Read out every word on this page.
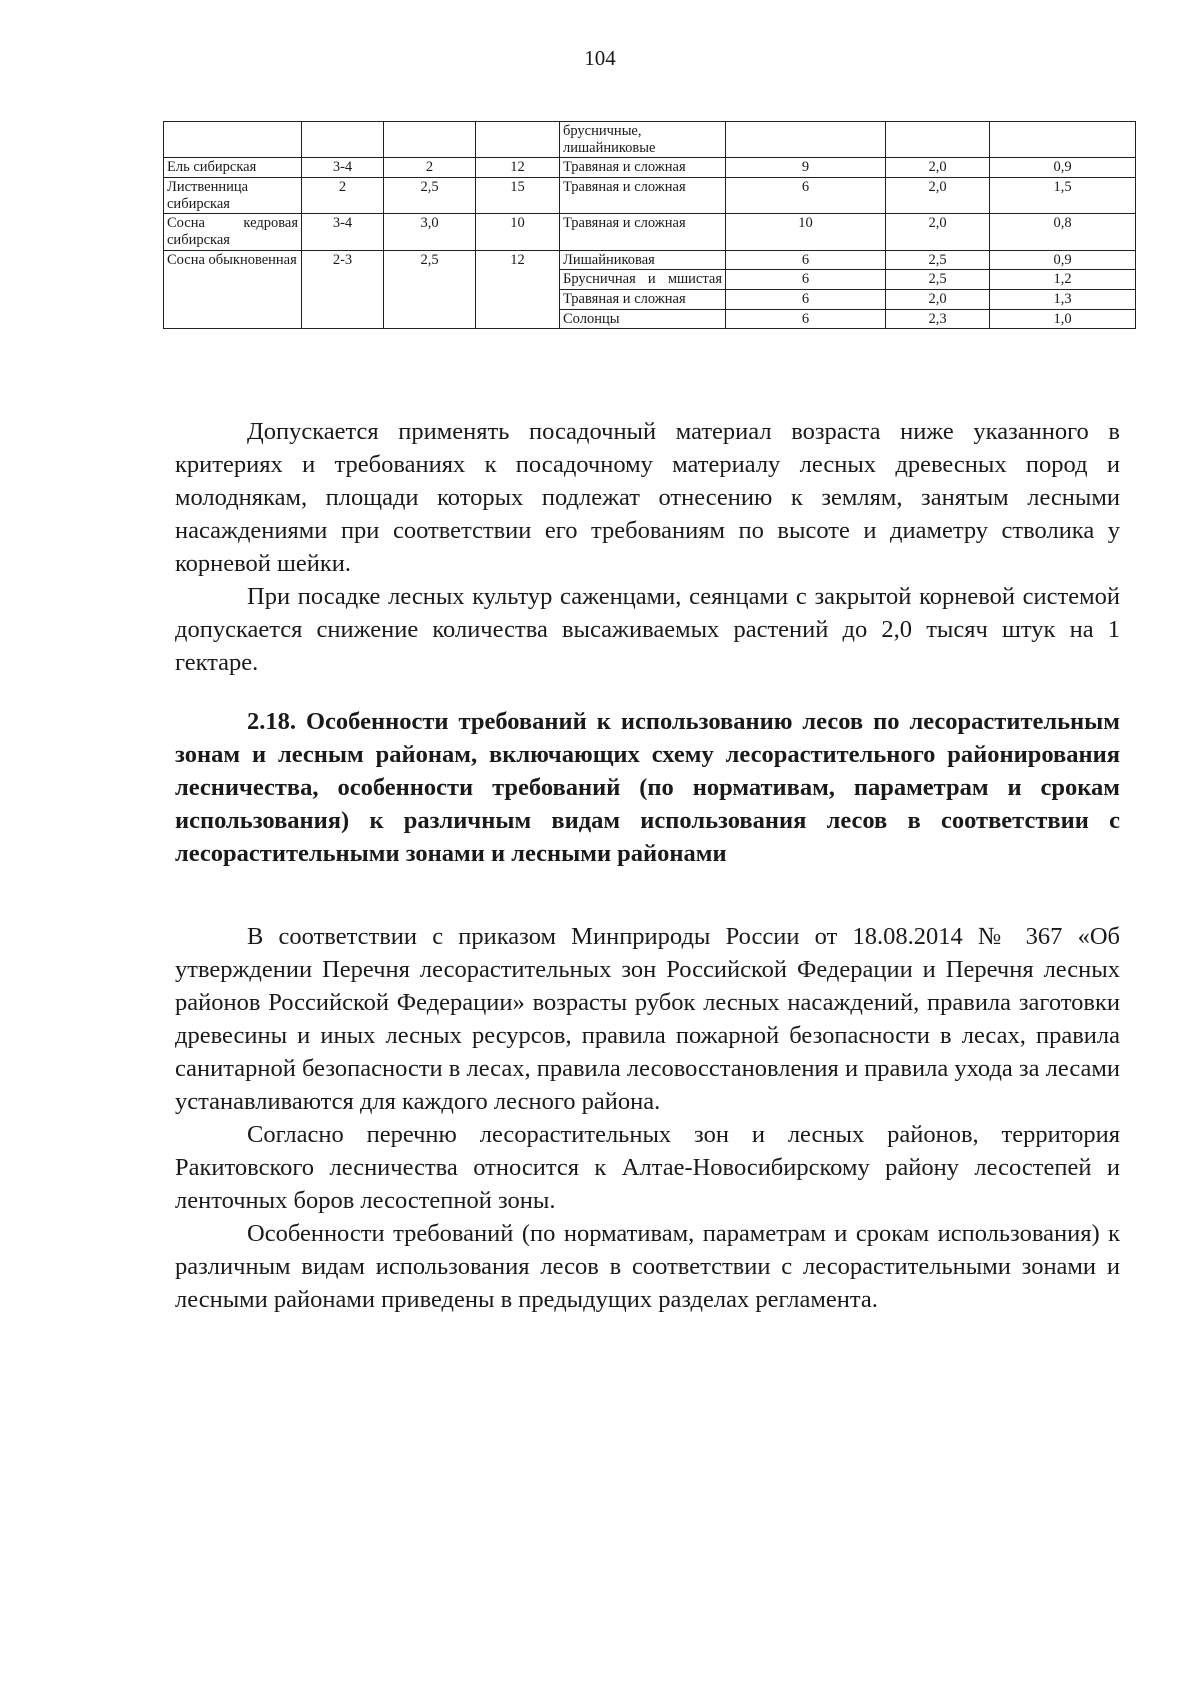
104
				брусничные, лишайниковые			
Ель сибирская	3-4	2	12	Травяная и сложная	9	2,0	0,9
Лиственница сибирская	2	2,5	15	Травяная и сложная	6	2,0	1,5
Сосна кедровая сибирская	3-4	3,0	10	Травяная и сложная	10	2,0	0,8
Сосна обыкновенная	2-3	2,5	12	Лишайниковая	6	2,5	0,9
				Брусничная и мшистая	6	2,5	1,2
				Травяная и сложная	6	2,0	1,3
				Солонцы	6	2,3	1,0

Допускается применять посадочный материал возраста ниже указанного в критериях и требованиях к посадочному материалу лесных древесных пород и молоднякам, площади которых подлежат отнесению к землям, занятым лесными насаждениями при соответствии его требованиям по высоте и диаметру стволика у корневой шейки.

При посадке лесных культур саженцами, сеянцами с закрытой корневой системой допускается снижение количества высаживаемых растений до 2,0 тысяч штук на 1 гектаре.

2.18. Особенности требований к использованию лесов по лесорастительным зонам и лесным районам, включающих схему лесорастительного районирования лесничества, особенности требований (по нормативам, параметрам и срокам использования) к различным видам использования лесов в соответствии с лесорастительными зонами и лесными районами

В соответствии с приказом Минприроды России от 18.08.2014 № 367 «Об утверждении Перечня лесорастительных зон Российской Федерации и Перечня лесных районов Российской Федерации» возрасты рубок лесных насаждений, правила заготовки древесины и иных лесных ресурсов, правила пожарной безопасности в лесах, правила санитарной безопасности в лесах, правила лесовосстановления и правила ухода за лесами устанавливаются для каждого лесного района.

Согласно перечню лесорастительных зон и лесных районов, территория Ракитовского лесничества относится к Алтае-Новосибирскому району лесостепей и ленточных боров лесостепной зоны.

Особенности требований (по нормативам, параметрам и срокам использования) к различным видам использования лесов в соответствии с лесорастительными зонами и лесными районами приведены в предыдущих разделах регламента.
